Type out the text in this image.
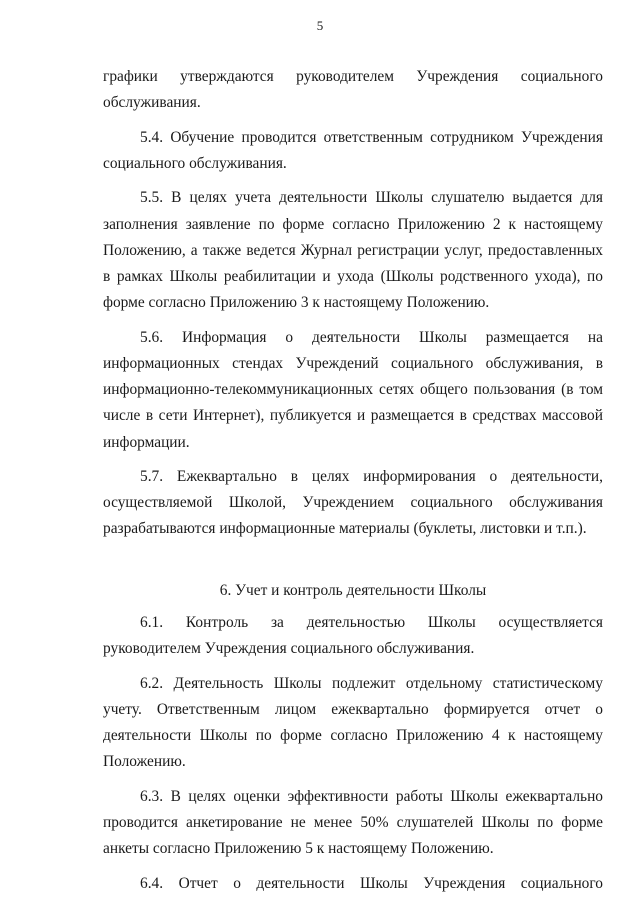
5

графики утверждаются руководителем Учреждения социального обслуживания.

5.4. Обучение проводится ответственным сотрудником Учреждения социального обслуживания.

5.5. В целях учета деятельности Школы слушателю выдается для заполнения заявление по форме согласно Приложению 2 к настоящему Положению, а также ведется Журнал регистрации услуг, предоставленных в рамках Школы реабилитации и ухода (Школы родственного ухода), по форме согласно Приложению 3 к настоящему Положению.

5.6. Информация о деятельности Школы размещается на информационных стендах Учреждений социального обслуживания, в информационно-телекоммуникационных сетях общего пользования (в том числе в сети Интернет), публикуется и размещается в средствах массовой информации.

5.7. Ежеквартально в целях информирования о деятельности, осуществляемой Школой, Учреждением социального обслуживания разрабатываются информационные материалы (буклеты, листовки и т.п.).

6. Учет и контроль деятельности Школы

6.1. Контроль за деятельностью Школы осуществляется руководителем Учреждения социального обслуживания.

6.2. Деятельность Школы подлежит отдельному статистическому учету. Ответственным лицом ежеквартально формируется отчет о деятельности Школы по форме согласно Приложению 4 к настоящему Положению.

6.3. В целях оценки эффективности работы Школы ежеквартально проводится анкетирование не менее 50% слушателей Школы по форме анкеты согласно Приложению 5 к настоящему Положению.

6.4. Отчет о деятельности Школы Учреждения социального
